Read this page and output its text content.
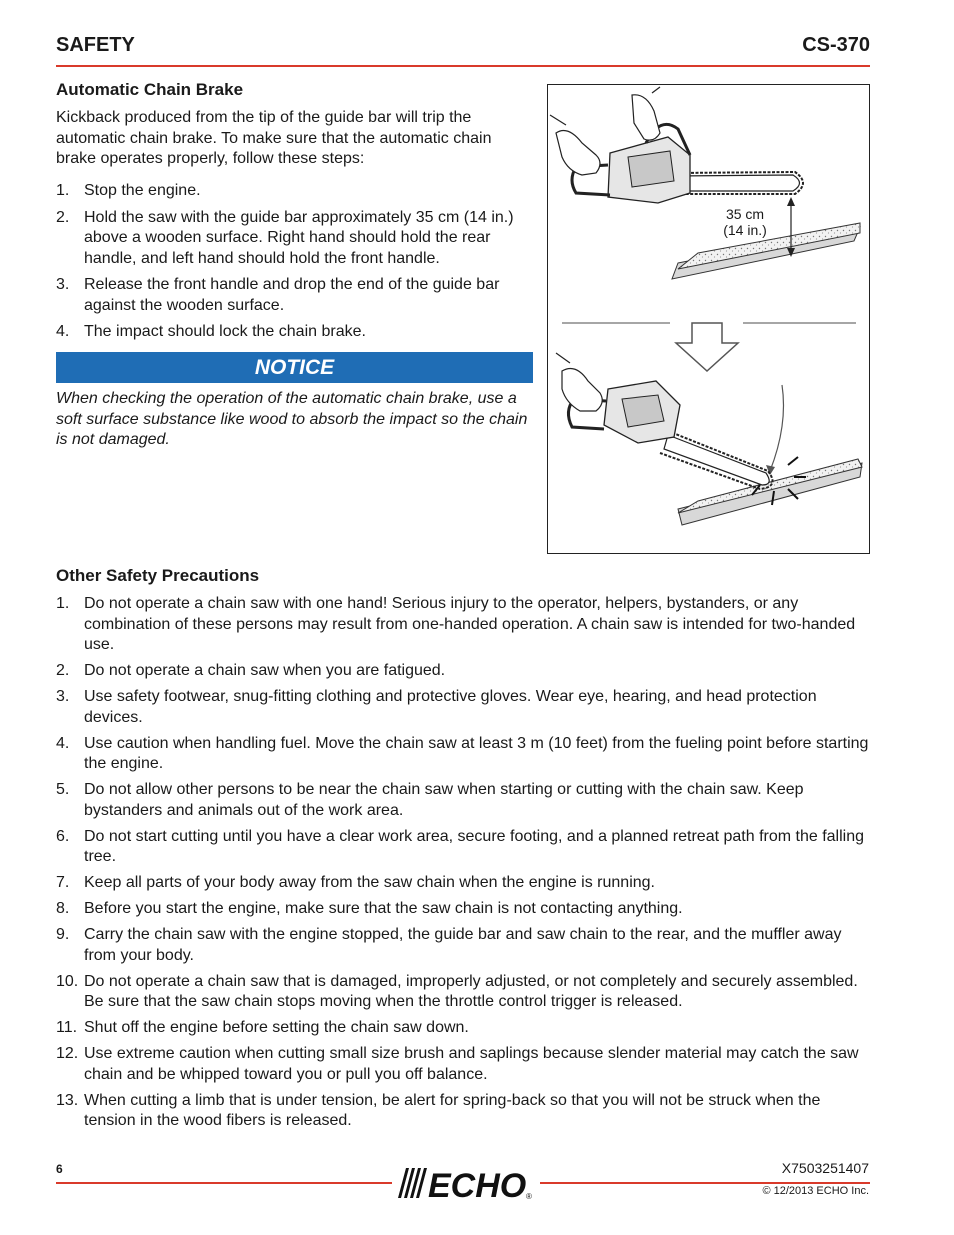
SAFETY	CS-370
Automatic Chain Brake
Kickback produced from the tip of the guide bar will trip the automatic chain brake. To make sure that the automatic chain brake operates properly, follow these steps:
1. Stop the engine.
2. Hold the saw with the guide bar approximately 35 cm (14 in.) above a wooden surface. Right hand should hold the rear handle, and left hand should hold the front handle.
3. Release the front handle and drop the end of the guide bar against the wooden surface.
4. The impact should lock the chain brake.
NOTICE
When checking the operation of the automatic chain brake, use a soft surface substance like wood to absorb the impact so the chain is not damaged.
35 cm
(14 in.)
Other Safety Precautions
1. Do not operate a chain saw with one hand! Serious injury to the operator, helpers, bystanders, or any combination of these persons may result from one-handed operation. A chain saw is intended for two-handed use.
2. Do not operate a chain saw when you are fatigued.
3. Use safety footwear, snug-fitting clothing and protective gloves. Wear eye, hearing, and head protection devices.
4. Use caution when handling fuel. Move the chain saw at least 3 m (10 feet) from the fueling point before starting the engine.
5. Do not allow other persons to be near the chain saw when starting or cutting with the chain saw. Keep bystanders and animals out of the work area.
6. Do not start cutting until you have a clear work area, secure footing, and a planned retreat path from the falling tree.
7. Keep all parts of your body away from the saw chain when the engine is running.
8. Before you start the engine, make sure that the saw chain is not contacting anything.
9. Carry the chain saw with the engine stopped, the guide bar and saw chain to the rear, and the muffler away from your body.
10. Do not operate a chain saw that is damaged, improperly adjusted, or not completely and securely assembled. Be sure that the saw chain stops moving when the throttle control trigger is released.
11. Shut off the engine before setting the chain saw down.
12. Use extreme caution when cutting small size brush and saplings because slender material may catch the saw chain and be whipped toward you or pull you off balance.
13. When cutting a limb that is under tension, be alert for spring-back so that you will not be struck when the tension in the wood fibers is released.
6	X7503251407
© 12/2013 ECHO Inc.
ECHO ®
